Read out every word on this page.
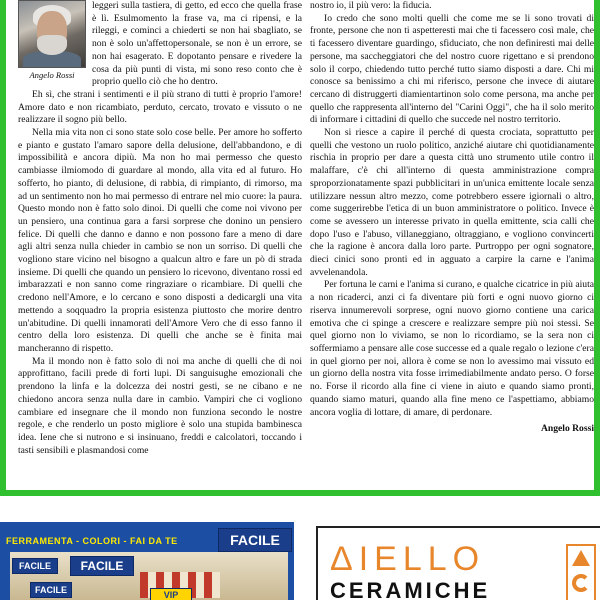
Angelo Rossi

leggeri sulla tastiera, di getto, ed ecco che quella frase è lì. Esulmomento la frase va, ma ci ripensi, e la rileggi, e cominci a chiederti se non hai sbagliato, se non è solo un'affettopersonale, se non è un errore, se non hai esagerato. E dopotanto pensare e rivedere la cosa da più punti di vista, mi sono reso conto che è proprio quello ciò che ho dentro.

Eh sì, che strani i sentimenti e il più strano di tutti è proprio l'amore! Amore dato e non ricambiato, perduto, cercato, trovato e vissuto o ne realizzare il sogno più bello.

Nella mia vita non ci sono state solo cose belle. Per amore ho sofferto e pianto e gustato l'amaro sapore della delusione, dell'abbandono, e di impossibilità e ancora dipiù. Ma non ho mai permesso che questo cambiasse ilmiomodo di guardare al mondo, alla vita ed al futuro. Ho sofferto, ho pianto, di delusione, di rabbia, di rimpianto, di rimorso, ma ad un sentimento non ho mai permesso di entrare nel mio cuore: la paura. Questo mondo non è fatto solo dinoi. Di quelli che come noi vivono per un pensiero, una continua gara a farsi sorprese che donino un pensiero felice. Di quelli che danno e danno e non possono fare a meno di dare agli altri senza nulla chieder in cambio se non un sorriso. Di quelli che vogliono stare vicino nel bisogno a qualcun altro e fare un pò di strada insieme. Di quelli che quando un pensiero lo ricevono, diventano rossi ed imbarazzati e non sanno come ringraziare o ricambiare. Di quelli che credono nell'Amore, e lo cercano e sono disposti a dedicargli una vita mettendo a soqquadro la propria esistenza piuttosto che morire dentro un'abitudine. Di quelli innamorati dell'Amore Vero che di esso fanno il centro della loro esistenza. Di quelli che anche se è finita mai mancheranno di rispetto.

Ma il mondo non è fatto solo di noi ma anche di quelli che di noi approfittano, facili prede di forti lupi. Di sanguisughe emozionali che prendono la linfa e la dolcezza dei nostri gesti, se ne cibano e ne chiedono ancora senza nulla dare in cambio. Vampiri che ci vogliono cambiare ed insegnare che il mondo non funziona secondo le nostre regole, e che renderlo un posto migliore è solo una stupida bambinesca idea. Iene che si nutrono e si insinuano, freddi e calcolatori, toccando i tasti sensibili e plasmandosi come

nostro io, il più vero: la fiducia.

Io credo che sono molti quelli che come me se li sono trovati di fronte, persone che non ti aspetteresti mai che ti facessero così male, che ti facessero diventare guardingo, sfiduciato, che non definiresti mai delle persone, ma saccheggiatori che del nostro cuore rigettano e si prendono solo il corpo, chiedendo tutto perché tutto siamo disposti a dare. Chi mi conosce sa benissimo a chi mi riferisco, persone che invece di aiutare cercano di distruggerti diamientartinon solo come persona, ma anche per quello che rappresenta all'interno del "Carini Oggi", che ha il solo merito di informare i cittadini di quello che succede nel nostro territorio.

Non si riesce a capire il perché di questa crociata, soprattutto per quelli che vestono un ruolo politico, anziché aiutare chi quotidianamente rischia in proprio per dare a questa città uno strumento utile contro il malaffare, c'è chi all'interno di questa amministrazione compra sproporzionatamente spazi pubblicitari in un'unica emittente locale senza utilizzare nessun altro mezzo, come potrebbero essere igiornali o altro, come suggerirebbe l'etica di un buon amministratore o politico. Invece è come se avessero un interesse privato in quella emittente, scia calli che dopo l'uso e l'abuso, villaneggiano, oltraggiano, e vogliono convincerti che la ragione è ancora dalla loro parte. Purtroppo per ogni sognatore, dieci cinici sono pronti ed in agguato a carpire la carne e l'anima avvelenandola.

Per fortuna le carni e l'anima si curano, e qualche cicatrice in più aiuta a non ricaderci, anzi ci fa diventare più forti e ogni nuovo giorno ci riserva innumerevoli sorprese, ogni nuovo giorno contiene una carica emotiva che ci spinge a crescere e realizzare sempre più noi stessi. Se quel giorno non lo viviamo, se non lo ricordiamo, se la sera non ci soffermiamo a pensare alle cose successe ed a quale regalo o lezione c'era in quel giorno per noi, allora è come se non lo avessimo mai vissuto ed un giorno della nostra vita fosse irrimediabilmente andato perso. O forse no. Forse il ricordo alla fine ci viene in aiuto e quando siamo pronti, quando siamo maturi, quando alla fine meno ce l'aspettiamo, abbiamo ancora voglia di lottare, di amare, di perdonare.

Angelo Rossi
FERRAMENTA - COLORI - FAI DA TE	FACILE
FACILE	FACILE
FACILE	VIP
ΔIELLO
CERAMICHE
